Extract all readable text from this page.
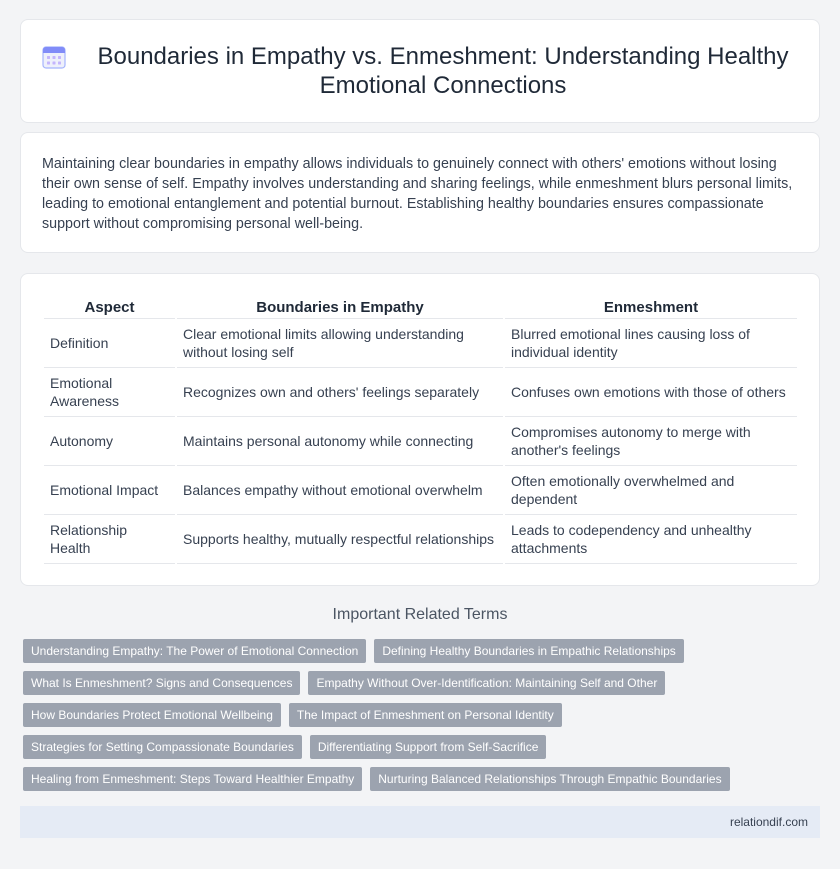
Boundaries in Empathy vs. Enmeshment: Understanding Healthy Emotional Connections

Maintaining clear boundaries in empathy allows individuals to genuinely connect with others' emotions without losing their own sense of self. Empathy involves understanding and sharing feelings, while enmeshment blurs personal limits, leading to emotional entanglement and potential burnout. Establishing healthy boundaries ensures compassionate support without compromising personal well-being.

Aspect	Boundaries in Empathy	Enmeshment
Definition	Clear emotional limits allowing understanding without losing self	Blurred emotional lines causing loss of individual identity
Emotional Awareness	Recognizes own and others' feelings separately	Confuses own emotions with those of others
Autonomy	Maintains personal autonomy while connecting	Compromises autonomy to merge with another's feelings
Emotional Impact	Balances empathy without emotional overwhelm	Often emotionally overwhelmed and dependent
Relationship Health	Supports healthy, mutually respectful relationships	Leads to codependency and unhealthy attachments
Important Related Terms
Understanding Empathy: The Power of Emotional Connection	Defining Healthy Boundaries in Empathic Relationships
What Is Enmeshment? Signs and Consequences	Empathy Without Over-Identification: Maintaining Self and Other
How Boundaries Protect Emotional Wellbeing	The Impact of Enmeshment on Personal Identity
Strategies for Setting Compassionate Boundaries	Differentiating Support from Self-Sacrifice
Healing from Enmeshment: Steps Toward Healthier Empathy	Nurturing Balanced Relationships Through Empathic Boundaries
relationdif.com
